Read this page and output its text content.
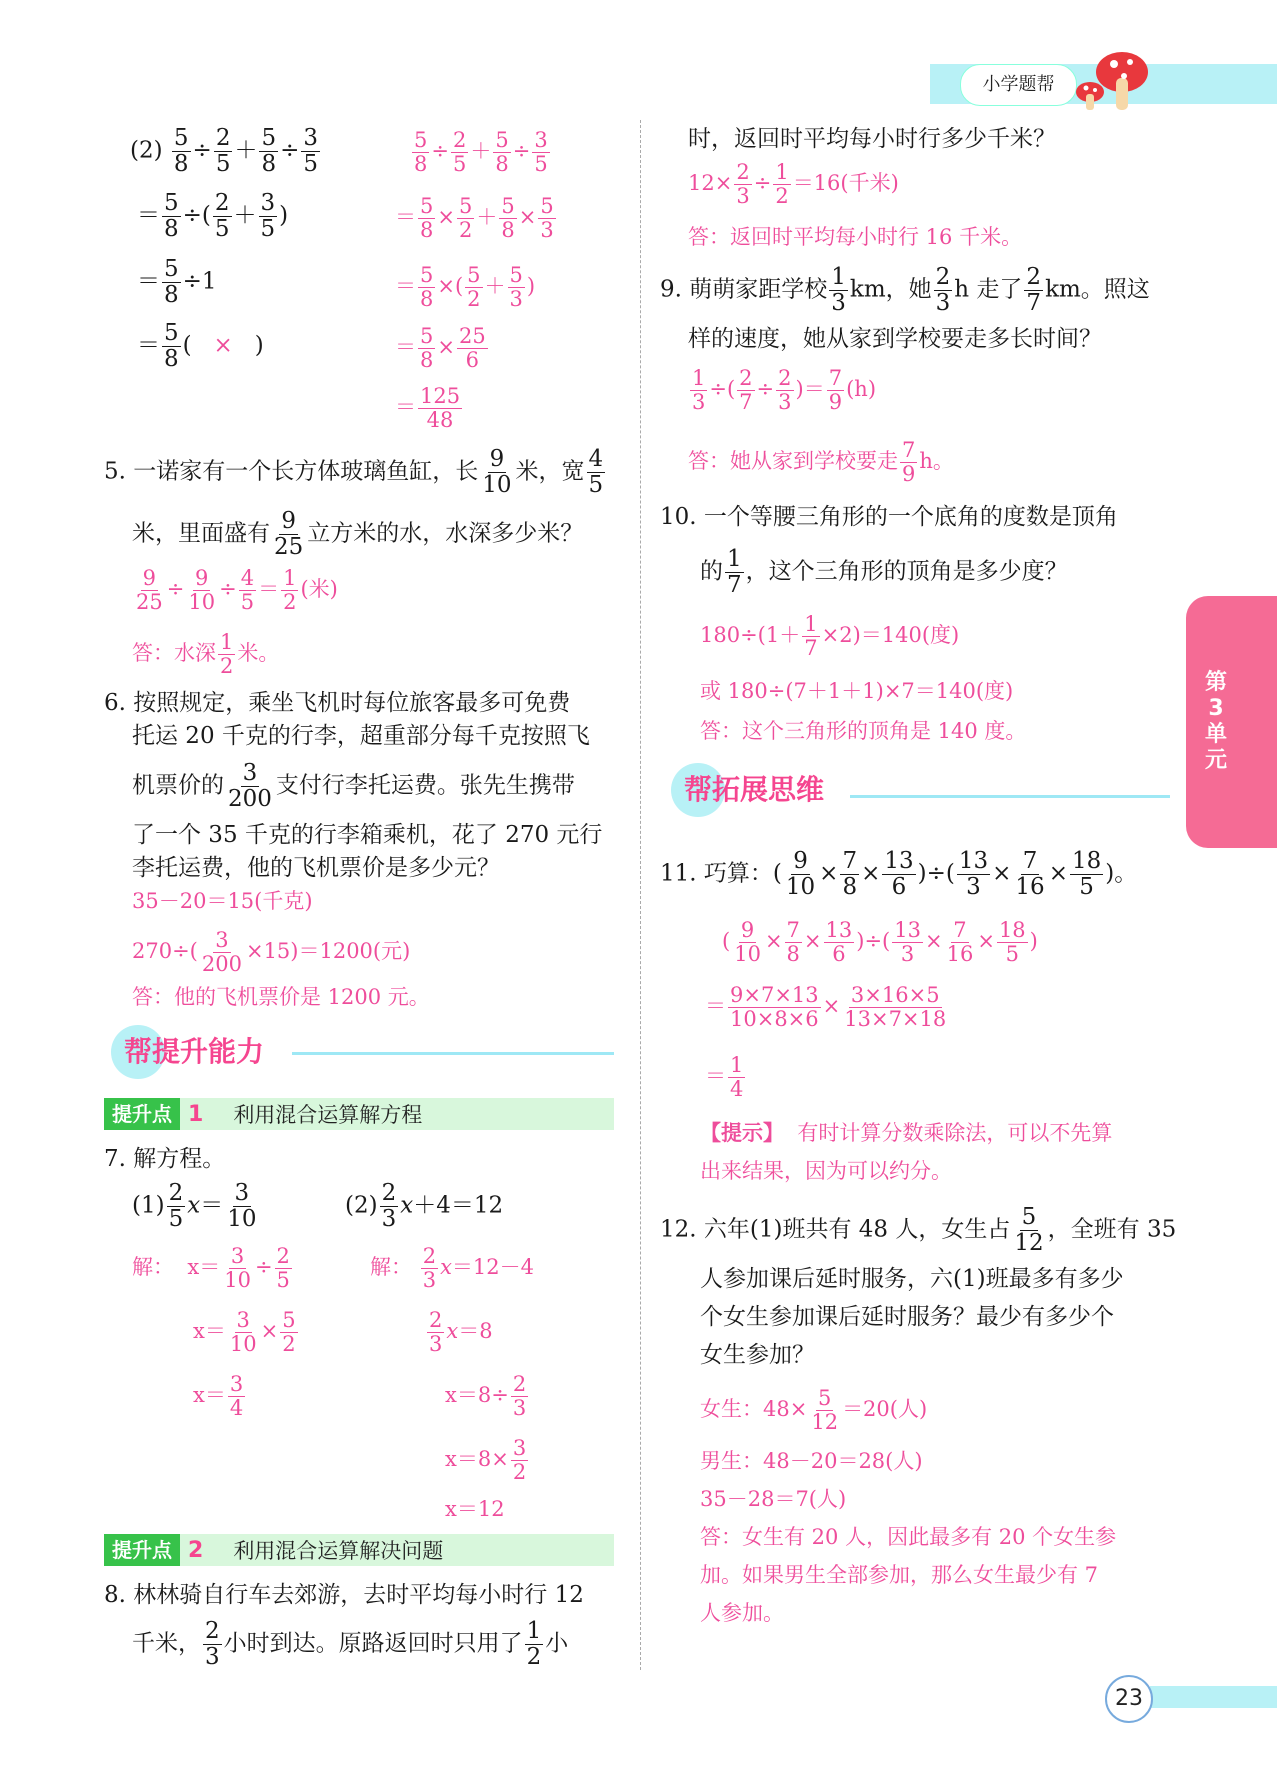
小学题帮
$(2) \frac{5}{8} \div \frac{2}{5} + \frac{5}{8} \div \frac{3}{5}$
＝ $\frac{5}{8}$ ÷( $\frac{2}{5} + \frac{3}{5}$ )
＝ $\frac{5}{8} \div 1$
＝ $\frac{5}{8}$ (   ×   )
$\frac{5}{8} \div \frac{2}{5} + \frac{5}{8} \div \frac{3}{5}$
＝ $\frac{5}{8} \times \frac{5}{2} + \frac{5}{8} \times \frac{5}{3}$
＝ $\frac{5}{8}$ ×( $\frac{5}{2} + \frac{5}{3}$ )
＝ $\frac{5}{8} \times \frac{25}{6}$
＝ $\frac{125}{48}$
5. 一诺家有一个长方体玻璃鱼缸，长 $\frac{9}{10}$ 米，宽 $\frac{4}{5}$
米，里面盛有 $\frac{9}{25}$ 立方米的水，水深多少米？
$\frac{9}{25} \div \frac{9}{10} \div \frac{4}{5} = \frac{1}{2}$ (米)
答：水深 $\frac{1}{2}$ 米。
6. 按照规定，乘坐飞机时每位旅客最多可免费
托运 20 千克的行李，超重部分每千克按照飞
机票价的 $\frac{3}{200}$ 支付行李托运费。张先生携带
了一个 35 千克的行李箱乘机，花了 270 元行
李托运费，他的飞机票价是多少元？
35－20＝15(千克)
$270\div( \frac{3}{200} \times 15)=1200$(元)
答：他的飞机票价是 1200 元。
帮提升能力
提升点 1	利用混合运算解方程
7. 解方程。
$(1) \frac{2}{5} x= \frac{3}{10}$	$(2) \frac{2}{3} x+4=12$
解： $x= \frac{3}{10} \div \frac{2}{5}$
$x= \frac{3}{10} \times \frac{5}{2}$
$x= \frac{3}{4}$
解： $\frac{2}{3} x=12-4$
$\frac{2}{3} x=8$
$x=8\div \frac{2}{3}$
$x=8\times \frac{3}{2}$
x＝12
提升点 2	利用混合运算解决问题
8. 林林骑自行车去郊游，去时平均每小时行 12
千米， $\frac{2}{3}$ 小时到达。原路返回时只用了 $\frac{1}{2}$ 小
时，返回时平均每小时行多少千米？
$12\times \frac{2}{3} \div \frac{1}{2} =16$(千米)
答：返回时平均每小时行 16 千米。
9. 萌萌家距学校 $\frac{1}{3}$ km，她 $\frac{2}{3}$ h 走了 $\frac{2}{7}$ km。照这
样的速度，她从家到学校要走多长时间？
$\frac{1}{3}$ ÷( $\frac{2}{7} \div \frac{2}{3}$ )＝ $\frac{7}{9} (h)$
答：她从家到学校要走 $\frac{7}{9}$ h。
10. 一个等腰三角形的一个底角的度数是顶角
的 $\frac{1}{7}$ ，这个三角形的顶角是多少度？
$180\div(1+ \frac{1}{7} \times 2)=140$(度)
或 180÷(7＋1＋1)×7＝140(度)
答：这个三角形的顶角是 140 度。
帮拓展思维
11. 巧算：( $\frac{9}{10} \times \frac{7}{8} \times \frac{13}{6}$ )÷( $\frac{13}{3} \times \frac{7}{16} \times \frac{18}{5}$ )。
( $\frac{9}{10} \times \frac{7}{8} \times \frac{13}{6}$ )÷( $\frac{13}{3} \times \frac{7}{16} \times \frac{18}{5}$ )
＝ $\frac{9\times 7\times 13}{10\times 8\times 6} \times \frac{3\times 16\times 5}{13\times 7\times 18}$
＝ $\frac{1}{4}$
【提示】 有时计算分数乘除法，可以不先算
出来结果，因为可以约分。
12. 六年(1)班共有 48 人，女生占 $\frac{5}{12}$ ，全班有 35
人参加课后延时服务，六(1)班最多有多少
个女生参加课后延时服务？最少有多少个
女生参加？
女生：$48\times \frac{5}{12} =20$(人)
男生：48－20＝28(人)
35－28＝7(人)
答：女生有 20 人，因此最多有 20 个女生参
加。如果男生全部参加，那么女生最少有 7
人参加。
第3单元
23
